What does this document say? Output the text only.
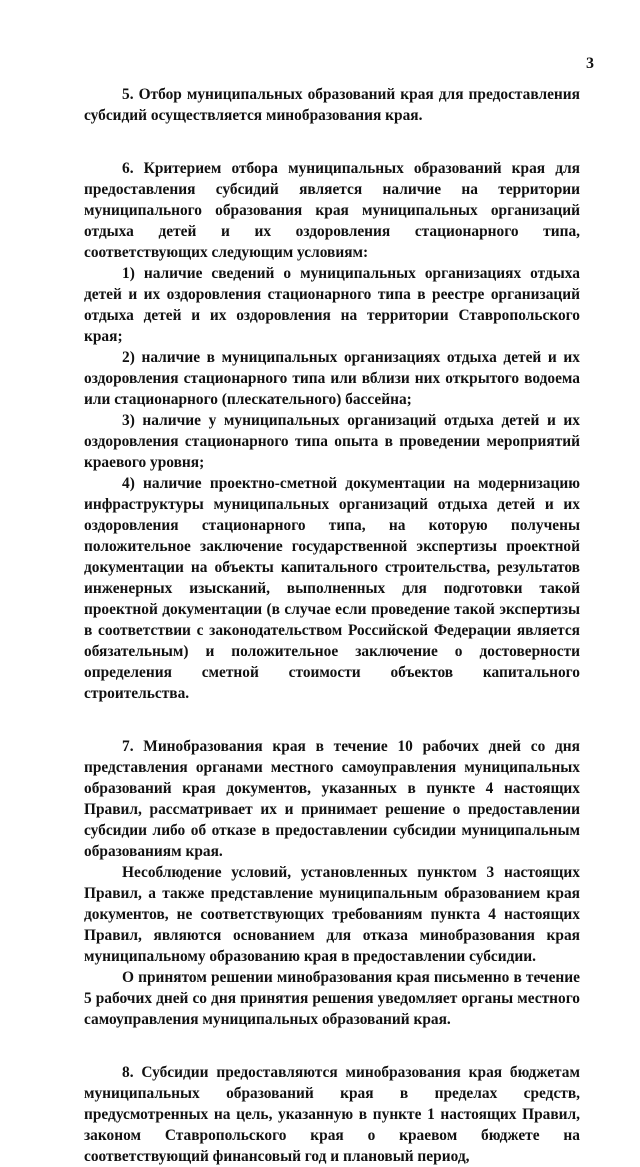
3

5. Отбор муниципальных образований края для предоставления субсидий осуществляется минобразования края.

6. Критерием отбора муниципальных образований края для предоставления субсидий является наличие на территории муниципального образования края муниципальных организаций отдыха детей и их оздоровления стационарного типа, соответствующих следующим условиям:

1) наличие сведений о муниципальных организациях отдыха детей и их оздоровления стационарного типа в реестре организаций отдыха детей и их оздоровления на территории Ставропольского края;

2) наличие в муниципальных организациях отдыха детей и их оздоровления стационарного типа или вблизи них открытого водоема или стационарного (плескательного) бассейна;

3) наличие у муниципальных организаций отдыха детей и их оздоровления стационарного типа опыта в проведении мероприятий краевого уровня;

4) наличие проектно-сметной документации на модернизацию инфраструктуры муниципальных организаций отдыха детей и их оздоровления стационарного типа, на которую получены положительное заключение государственной экспертизы проектной документации на объекты капитального строительства, результатов инженерных изысканий, выполненных для подготовки такой проектной документации (в случае если проведение такой экспертизы в соответствии с законодательством Российской Федерации является обязательным) и положительное заключение о достоверности определения сметной стоимости объектов капитального строительства.

7. Минобразования края в течение 10 рабочих дней со дня представления органами местного самоуправления муниципальных образований края документов, указанных в пункте 4 настоящих Правил, рассматривает их и принимает решение о предоставлении субсидии либо об отказе в предоставлении субсидии муниципальным образованиям края.

Несоблюдение условий, установленных пунктом 3 настоящих Правил, а также представление муниципальным образованием края документов, не соответствующих требованиям пункта 4 настоящих Правил, являются основанием для отказа минобразования края муниципальному образованию края в предоставлении субсидии.

О принятом решении минобразования края письменно в течение 5 рабочих дней со дня принятия решения уведомляет органы местного самоуправления муниципальных образований края.

8. Субсидии предоставляются минобразования края бюджетам муниципальных образований края в пределах средств, предусмотренных на цель, указанную в пункте 1 настоящих Правил, законом Ставропольского края о краевом бюджете на соответствующий финансовый год и плановый период,
